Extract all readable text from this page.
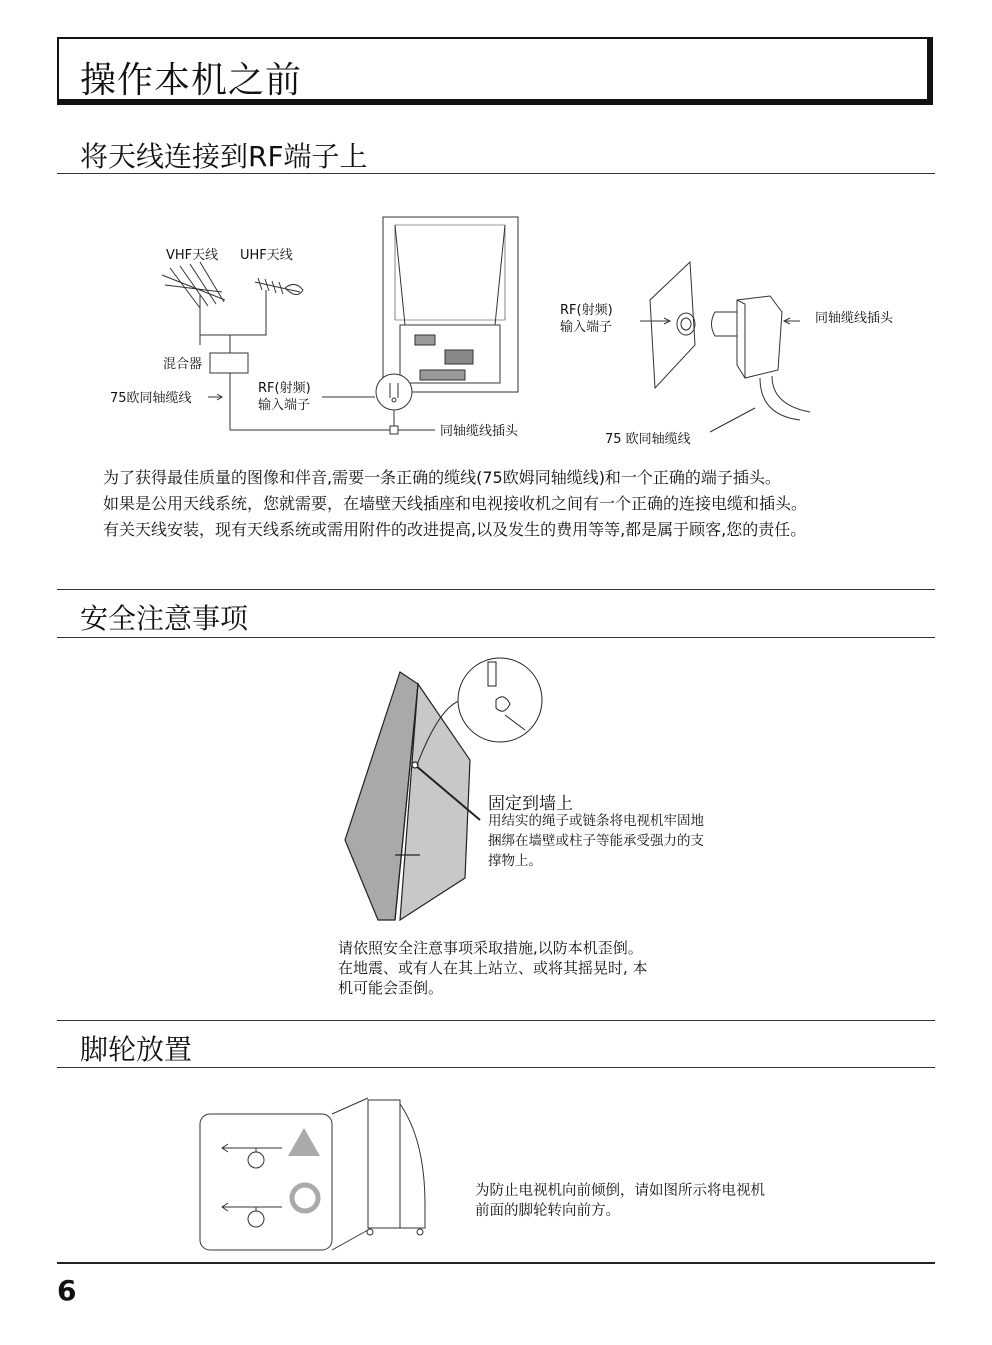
操作本机之前
将天线连接到RF端子上
VHF天线 UHF天线
混合器
75欧同轴缆线
RF(射频)
输入端子
同轴缆线插头
RF(射频)
输入端子
同轴缆线插头
75 欧同轴缆线
为了获得最佳质量的图像和伴音,需要一条正确的缆线(75欧姆同轴缆线)和一个正确的端子插头。
如果是公用天线系统，您就需要，在墙壁天线插座和电视接收机之间有一个正确的连接电缆和插头。
有关天线安装，现有天线系统或需用附件的改进提高,以及发生的费用等等,都是属于顾客,您的责任。
安全注意事项
固定到墙上
用结实的绳子或链条将电视机牢固地
捆绑在墙壁或柱子等能承受强力的支
撑物上。
请依照安全注意事项采取措施,以防本机歪倒。
在地震、或有人在其上站立、或将其摇晃时, 本
机可能会歪倒。
脚轮放置
为防止电视机向前倾倒，请如图所示将电视机
前面的脚轮转向前方。
6
